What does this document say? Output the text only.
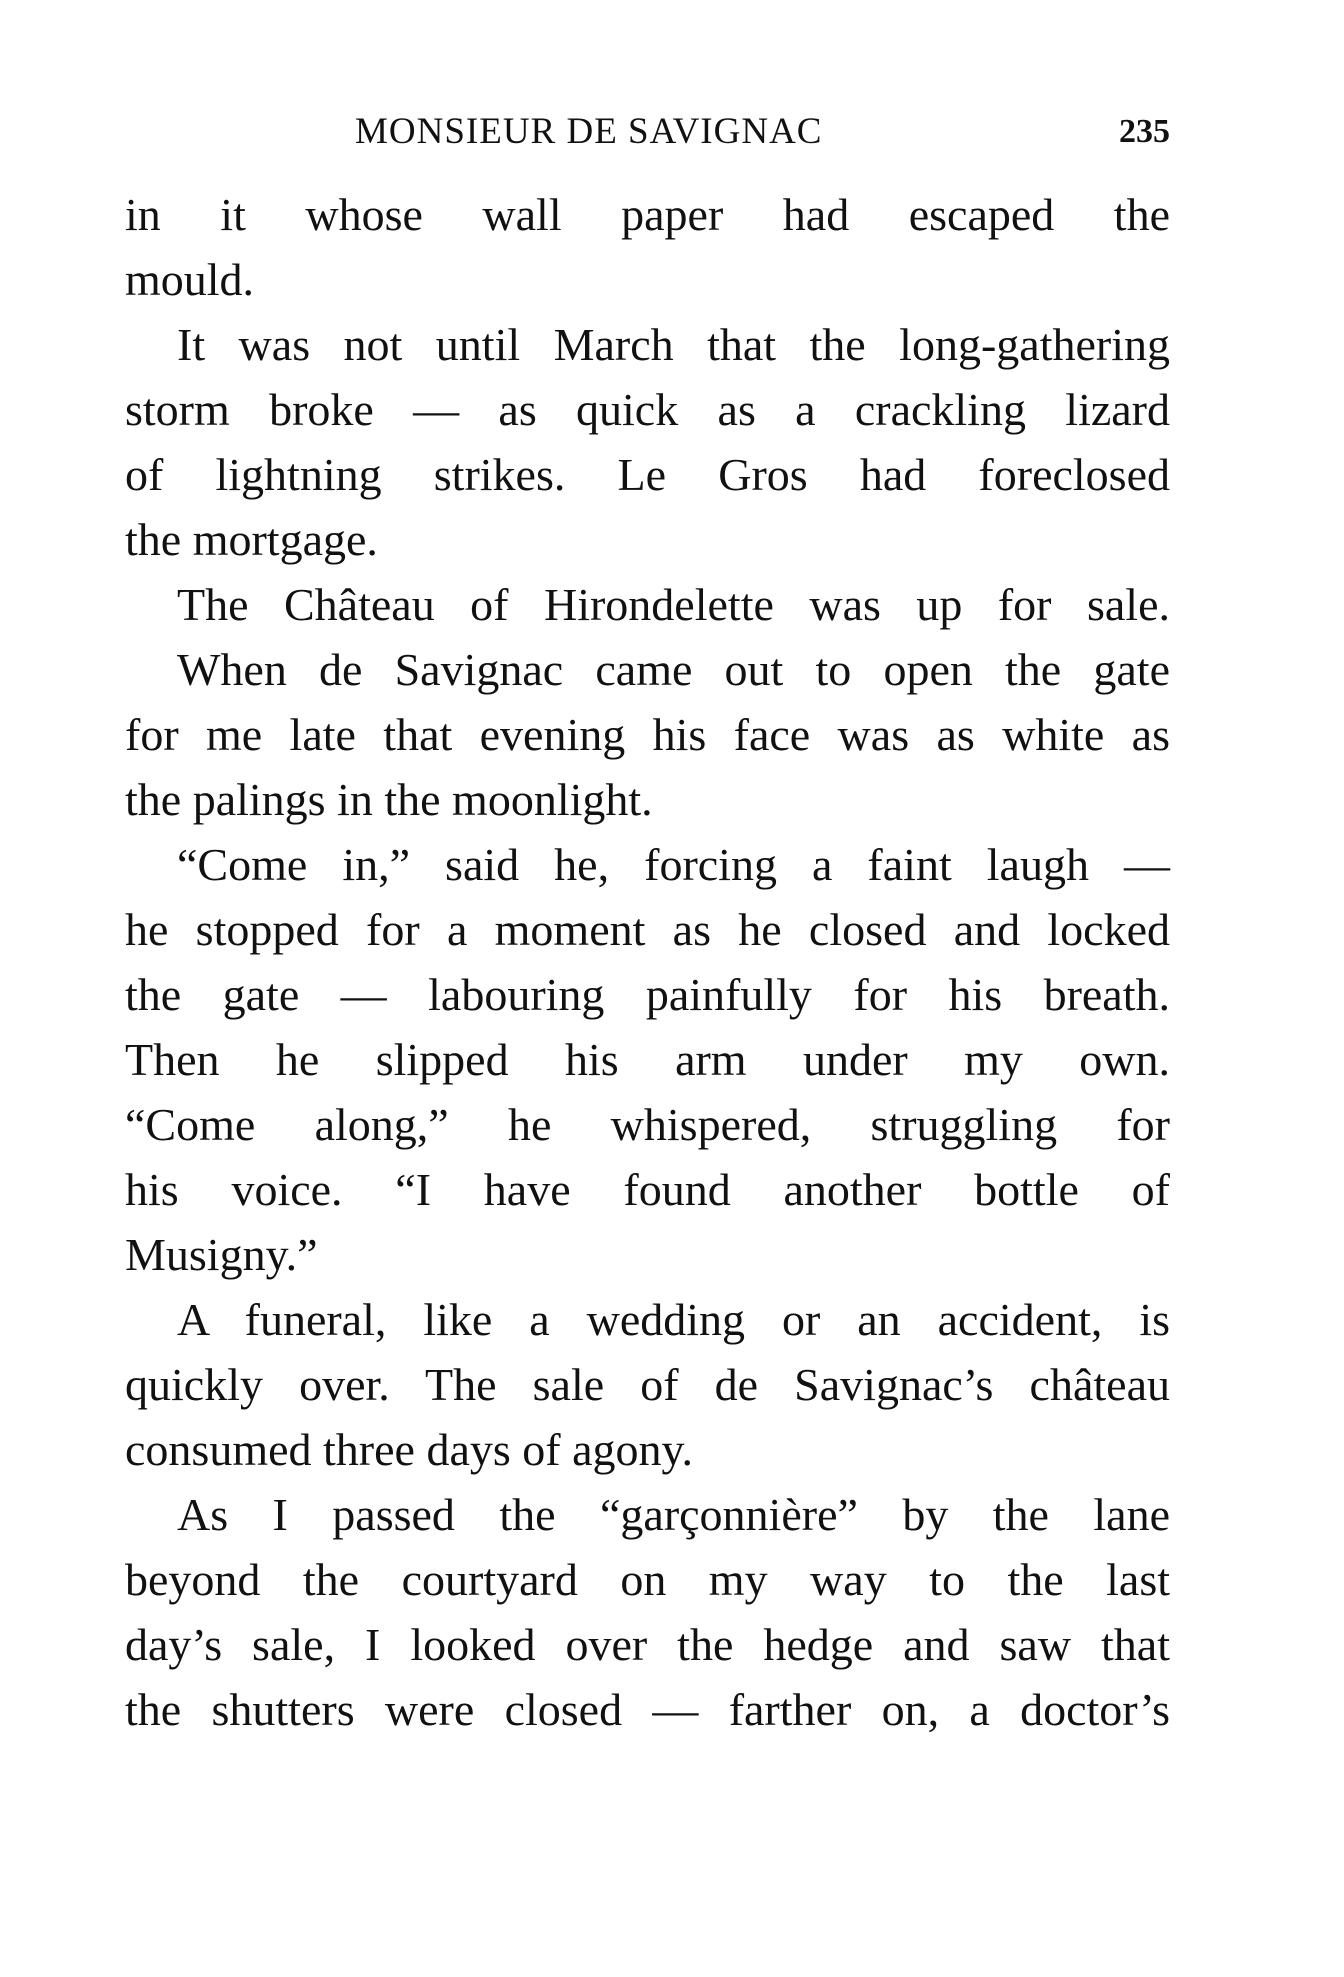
MONSIEUR DE SAVIGNAC	235

in it whose wall paper had escaped the
mould.

It was not until March that the long-gathering
storm broke — as quick as a crackling lizard
of lightning strikes. Le Gros had foreclosed
the mortgage.

The Château of Hirondelette was up for sale.

When de Savignac came out to open the gate
for me late that evening his face was as white as
the palings in the moonlight.

“Come in,” said he, forcing a faint laugh —
he stopped for a moment as he closed and locked
the gate — labouring painfully for his breath.
Then he slipped his arm under my own.
“Come along,” he whispered, struggling for
his voice. “I have found another bottle of
Musigny.”

A funeral, like a wedding or an accident, is
quickly over. The sale of de Savignac’s château
consumed three days of agony.

As I passed the “garçonnière” by the lane
beyond the courtyard on my way to the last
day’s sale, I looked over the hedge and saw that
the shutters were closed — farther on, a doctor’s
